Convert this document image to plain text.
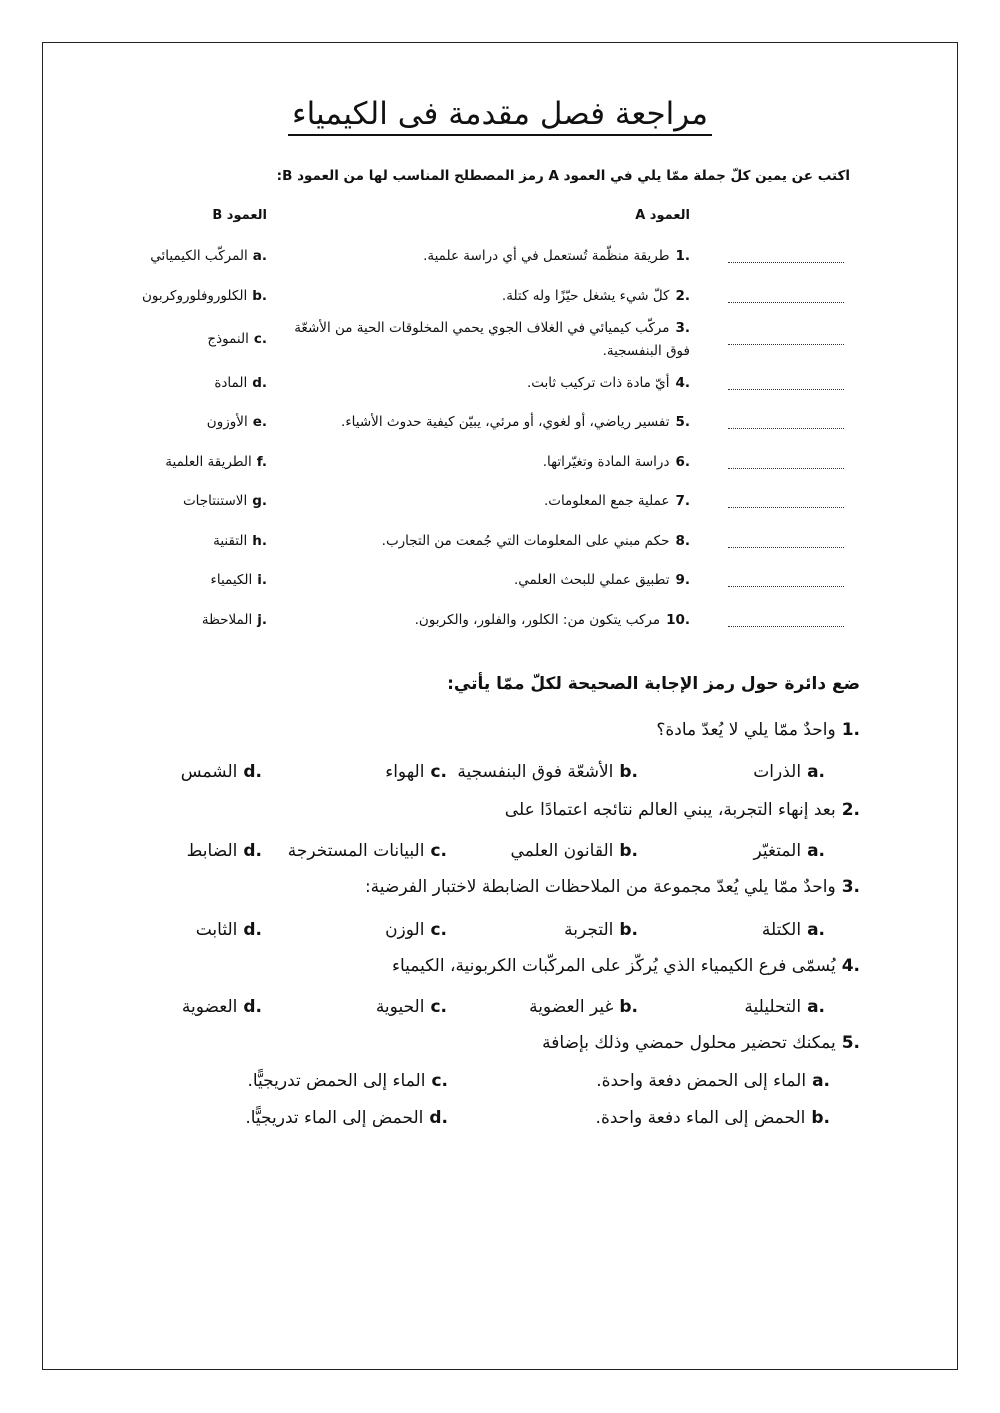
مراجعة فصل مقدمة فى الكيمياء
اكتب عن يمين كلّ جملة ممّا يلي في العمود A رمز المصطلح المناسب لها من العمود B:
العمود A
العمود B
1.طريقة منظّمة تُستعمل في أي دراسة علمية.
2.كلّ شيء يشغل حيّزًا وله كتلة.
3.مركّب كيميائي في الغلاف الجوي يحمي المخلوقات الحية من الأشعّة
فوق البنفسجية.
4.أيّ مادة ذات تركيب ثابت.
5.تفسير رياضي، أو لغوي، أو مرئي، يبيّن كيفية حدوث الأشياء.
6.دراسة المادة وتغيّراتها.
7.عملية جمع المعلومات.
8.حكم مبني على المعلومات التي جُمعت من التجارب.
9.تطبيق عملي للبحث العلمي.
10.مركب يتكون من: الكلور، والفلور، والكربون.
a.المركّب الكيميائي
b.الكلوروفلوروكربون
c.النموذج
d.المادة
e.الأوزون
f.الطريقة العلمية
g.الاستنتاجات
h.التقنية
i.الكيمياء
j.الملاحظة
ضع دائرة حول رمز الإجابة الصحيحة لكلّ ممّا يأتي:
1.واحدٌ ممّا يلي لا يُعدّ مادة؟
a.الذرات
b.الأشعّة فوق البنفسجية
c.الهواء
d.الشمس
2.بعد إنهاء التجربة، يبني العالم نتائجه اعتمادًا على
a.المتغيّر
b.القانون العلمي
c.البيانات المستخرجة
d.الضابط
3.واحدٌ ممّا يلي يُعدّ مجموعة من الملاحظات الضابطة لاختبار الفرضية:
a.الكتلة
b.التجربة
c.الوزن
d.الثابت
4.يُسمّى فرع الكيمياء الذي يُركّز على المركّبات الكربونية، الكيمياء
a.التحليلية
b.غير العضوية
c.الحيوية
d.العضوية
5.يمكنك تحضير محلول حمضي وذلك بإضافة
a.الماء إلى الحمض دفعة واحدة.
b.الحمض إلى الماء دفعة واحدة.
c.الماء إلى الحمض تدريجيًّا.
d.الحمض إلى الماء تدريجيًّا.
